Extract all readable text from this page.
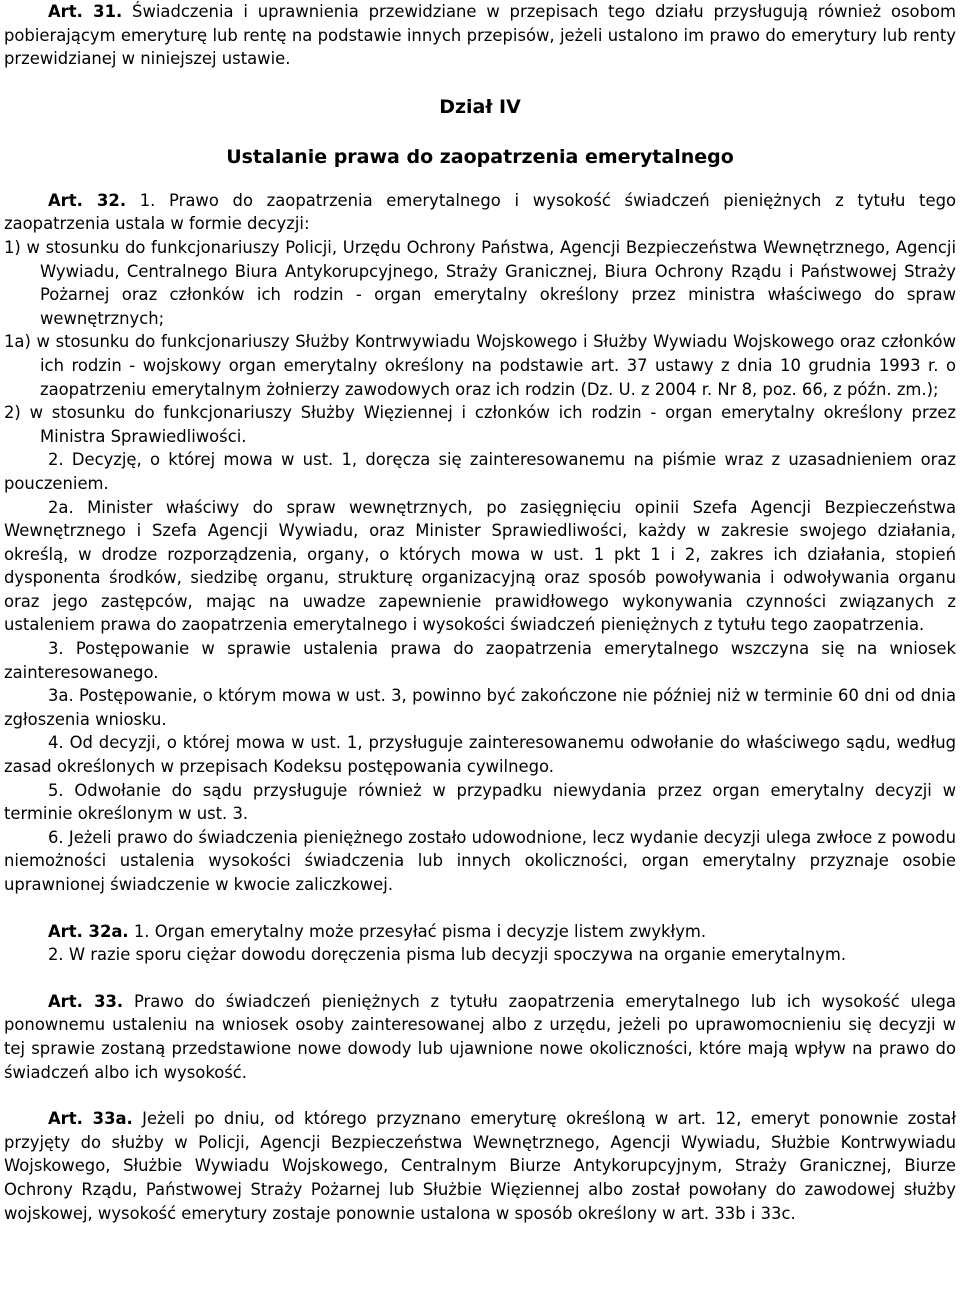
Art. 31. Świadczenia i uprawnienia przewidziane w przepisach tego działu przysługują również osobom pobierającym emeryturę lub rentę na podstawie innych przepisów, jeżeli ustalono im prawo do emerytury lub renty przewidzianej w niniejszej ustawie.

Dział IV
Ustalanie prawa do zaopatrzenia emerytalnego

Art. 32. 1. Prawo do zaopatrzenia emerytalnego i wysokość świadczeń pieniężnych z tytułu tego zaopatrzenia ustala w formie decyzji:

1) w stosunku do funkcjonariuszy Policji, Urzędu Ochrony Państwa, Agencji Bezpieczeństwa Wewnętrznego, Agencji Wywiadu, Centralnego Biura Antykorupcyjnego, Straży Granicznej, Biura Ochrony Rządu i Państwowej Straży Pożarnej oraz członków ich rodzin - organ emerytalny określony przez ministra właściwego do spraw wewnętrznych;

1a) w stosunku do funkcjonariuszy Służby Kontrwywiadu Wojskowego i Służby Wywiadu Wojskowego oraz członków ich rodzin - wojskowy organ emerytalny określony na podstawie art. 37 ustawy z dnia 10 grudnia 1993 r. o zaopatrzeniu emerytalnym żołnierzy zawodowych oraz ich rodzin (Dz. U. z 2004 r. Nr 8, poz. 66, z późn. zm.);

2) w stosunku do funkcjonariuszy Służby Więziennej i członków ich rodzin - organ emerytalny określony przez Ministra Sprawiedliwości.

2. Decyzję, o której mowa w ust. 1, doręcza się zainteresowanemu na piśmie wraz z uzasadnieniem oraz pouczeniem.

2a. Minister właściwy do spraw wewnętrznych, po zasięgnięciu opinii Szefa Agencji Bezpieczeństwa Wewnętrznego i Szefa Agencji Wywiadu, oraz Minister Sprawiedliwości, każdy w zakresie swojego działania, określą, w drodze rozporządzenia, organy, o których mowa w ust. 1 pkt 1 i 2, zakres ich działania, stopień dysponenta środków, siedzibę organu, strukturę organizacyjną oraz sposób powoływania i odwoływania organu oraz jego zastępców, mając na uwadze zapewnienie prawidłowego wykonywania czynności związanych z ustaleniem prawa do zaopatrzenia emerytalnego i wysokości świadczeń pieniężnych z tytułu tego zaopatrzenia.

3. Postępowanie w sprawie ustalenia prawa do zaopatrzenia emerytalnego wszczyna się na wniosek zainteresowanego.

3a. Postępowanie, o którym mowa w ust. 3, powinno być zakończone nie później niż w terminie 60 dni od dnia zgłoszenia wniosku.

4. Od decyzji, o której mowa w ust. 1, przysługuje zainteresowanemu odwołanie do właściwego sądu, według zasad określonych w przepisach Kodeksu postępowania cywilnego.

5. Odwołanie do sądu przysługuje również w przypadku niewydania przez organ emerytalny decyzji w terminie określonym w ust. 3.

6. Jeżeli prawo do świadczenia pieniężnego zostało udowodnione, lecz wydanie decyzji ulega zwłoce z powodu niemożności ustalenia wysokości świadczenia lub innych okoliczności, organ emerytalny przyznaje osobie uprawnionej świadczenie w kwocie zaliczkowej.

Art. 32a. 1. Organ emerytalny może przesyłać pisma i decyzje listem zwykłym.

2. W razie sporu ciężar dowodu doręczenia pisma lub decyzji spoczywa na organie emerytalnym.

Art. 33. Prawo do świadczeń pieniężnych z tytułu zaopatrzenia emerytalnego lub ich wysokość ulega ponownemu ustaleniu na wniosek osoby zainteresowanej albo z urzędu, jeżeli po uprawomocnieniu się decyzji w tej sprawie zostaną przedstawione nowe dowody lub ujawnione nowe okoliczności, które mają wpływ na prawo do świadczeń albo ich wysokość.

Art. 33a. Jeżeli po dniu, od którego przyznano emeryturę określoną w art. 12, emeryt ponownie został przyjęty do służby w Policji, Agencji Bezpieczeństwa Wewnętrznego, Agencji Wywiadu, Służbie Kontrwywiadu Wojskowego, Służbie Wywiadu Wojskowego, Centralnym Biurze Antykorupcyjnym, Straży Granicznej, Biurze Ochrony Rządu, Państwowej Straży Pożarnej lub Służbie Więziennej albo został powołany do zawodowej służby wojskowej, wysokość emerytury zostaje ponownie ustalona w sposób określony w art. 33b i 33c.
